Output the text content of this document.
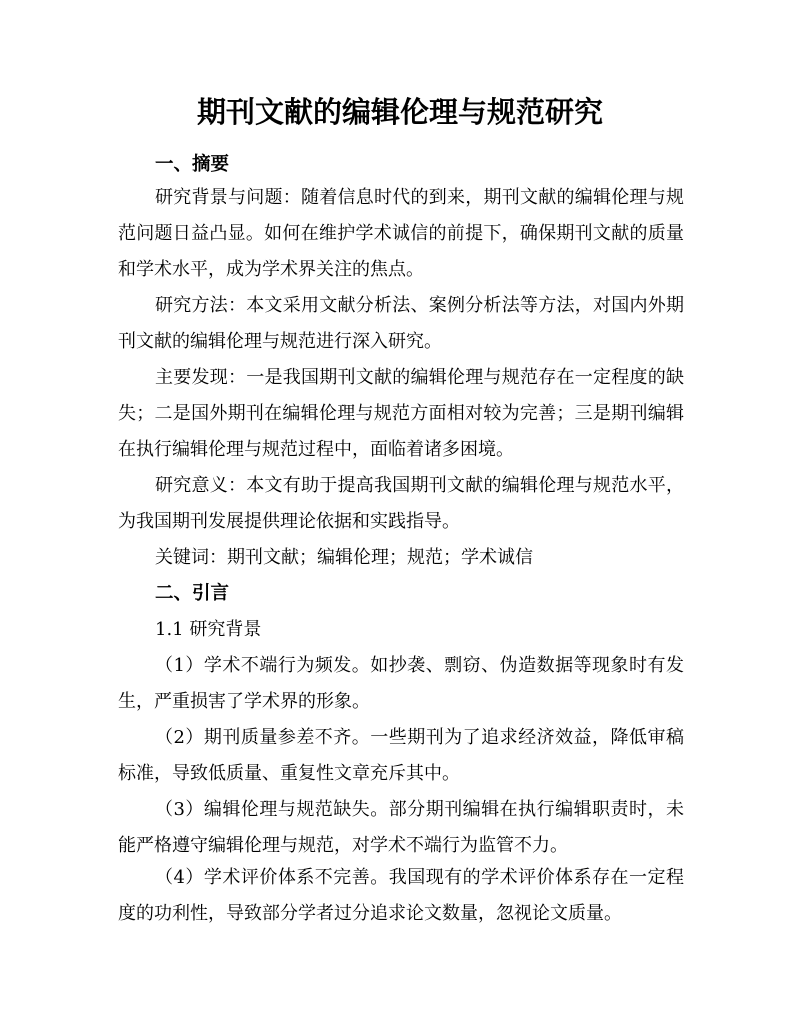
期刊文献的编辑伦理与规范研究
一、摘要
研究背景与问题：随着信息时代的到来，期刊文献的编辑伦理与规范问题日益凸显。如何在维护学术诚信的前提下，确保期刊文献的质量和学术水平，成为学术界关注的焦点。
研究方法：本文采用文献分析法、案例分析法等方法，对国内外期刊文献的编辑伦理与规范进行深入研究。
主要发现：一是我国期刊文献的编辑伦理与规范存在一定程度的缺失；二是国外期刊在编辑伦理与规范方面相对较为完善；三是期刊编辑在执行编辑伦理与规范过程中，面临着诸多困境。
研究意义：本文有助于提高我国期刊文献的编辑伦理与规范水平，为我国期刊发展提供理论依据和实践指导。
关键词：期刊文献；编辑伦理；规范；学术诚信
二、引言
1.1 研究背景
（1）学术不端行为频发。如抄袭、剽窃、伪造数据等现象时有发生，严重损害了学术界的形象。
（2）期刊质量参差不齐。一些期刊为了追求经济效益，降低审稿标准，导致低质量、重复性文章充斥其中。
（3）编辑伦理与规范缺失。部分期刊编辑在执行编辑职责时，未能严格遵守编辑伦理与规范，对学术不端行为监管不力。
（4）学术评价体系不完善。我国现有的学术评价体系存在一定程度的功利性，导致部分学者过分追求论文数量，忽视论文质量。
